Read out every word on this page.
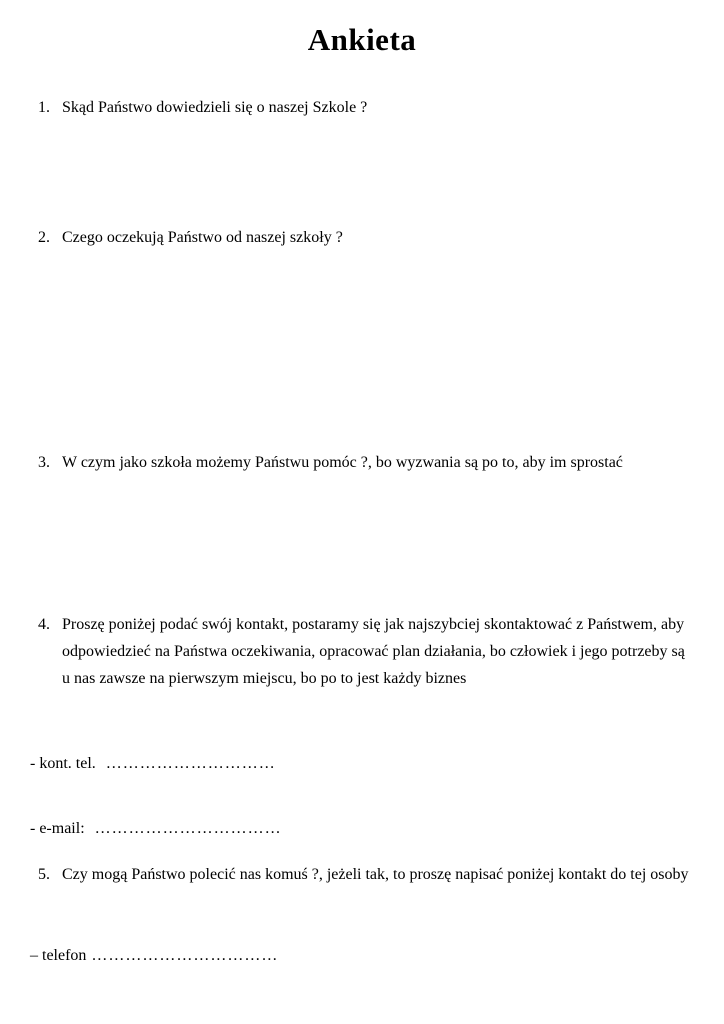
Ankieta
1. Skąd Państwo dowiedzieli się o naszej Szkole ?
2. Czego oczekują Państwo od naszej szkoły ?
3. W czym jako szkoła możemy Państwu pomóc ?, bo wyzwania są po to, aby im sprostać
4. Proszę poniżej podać swój kontakt, postaramy się jak najszybciej skontaktować z Państwem, aby
odpowiedzieć na Państwa oczekiwania, opracować plan działania, bo człowiek i jego potrzeby są
u nas zawsze na pierwszym miejscu, bo po to jest każdy biznes

- kont. tel.  …………………………

- e-mail:  ……………………………

5. Czy mogą Państwo polecić nas komuś ?, jeżeli tak, to proszę napisać poniżej kontakt do tej osoby

– telefon ……………………………
